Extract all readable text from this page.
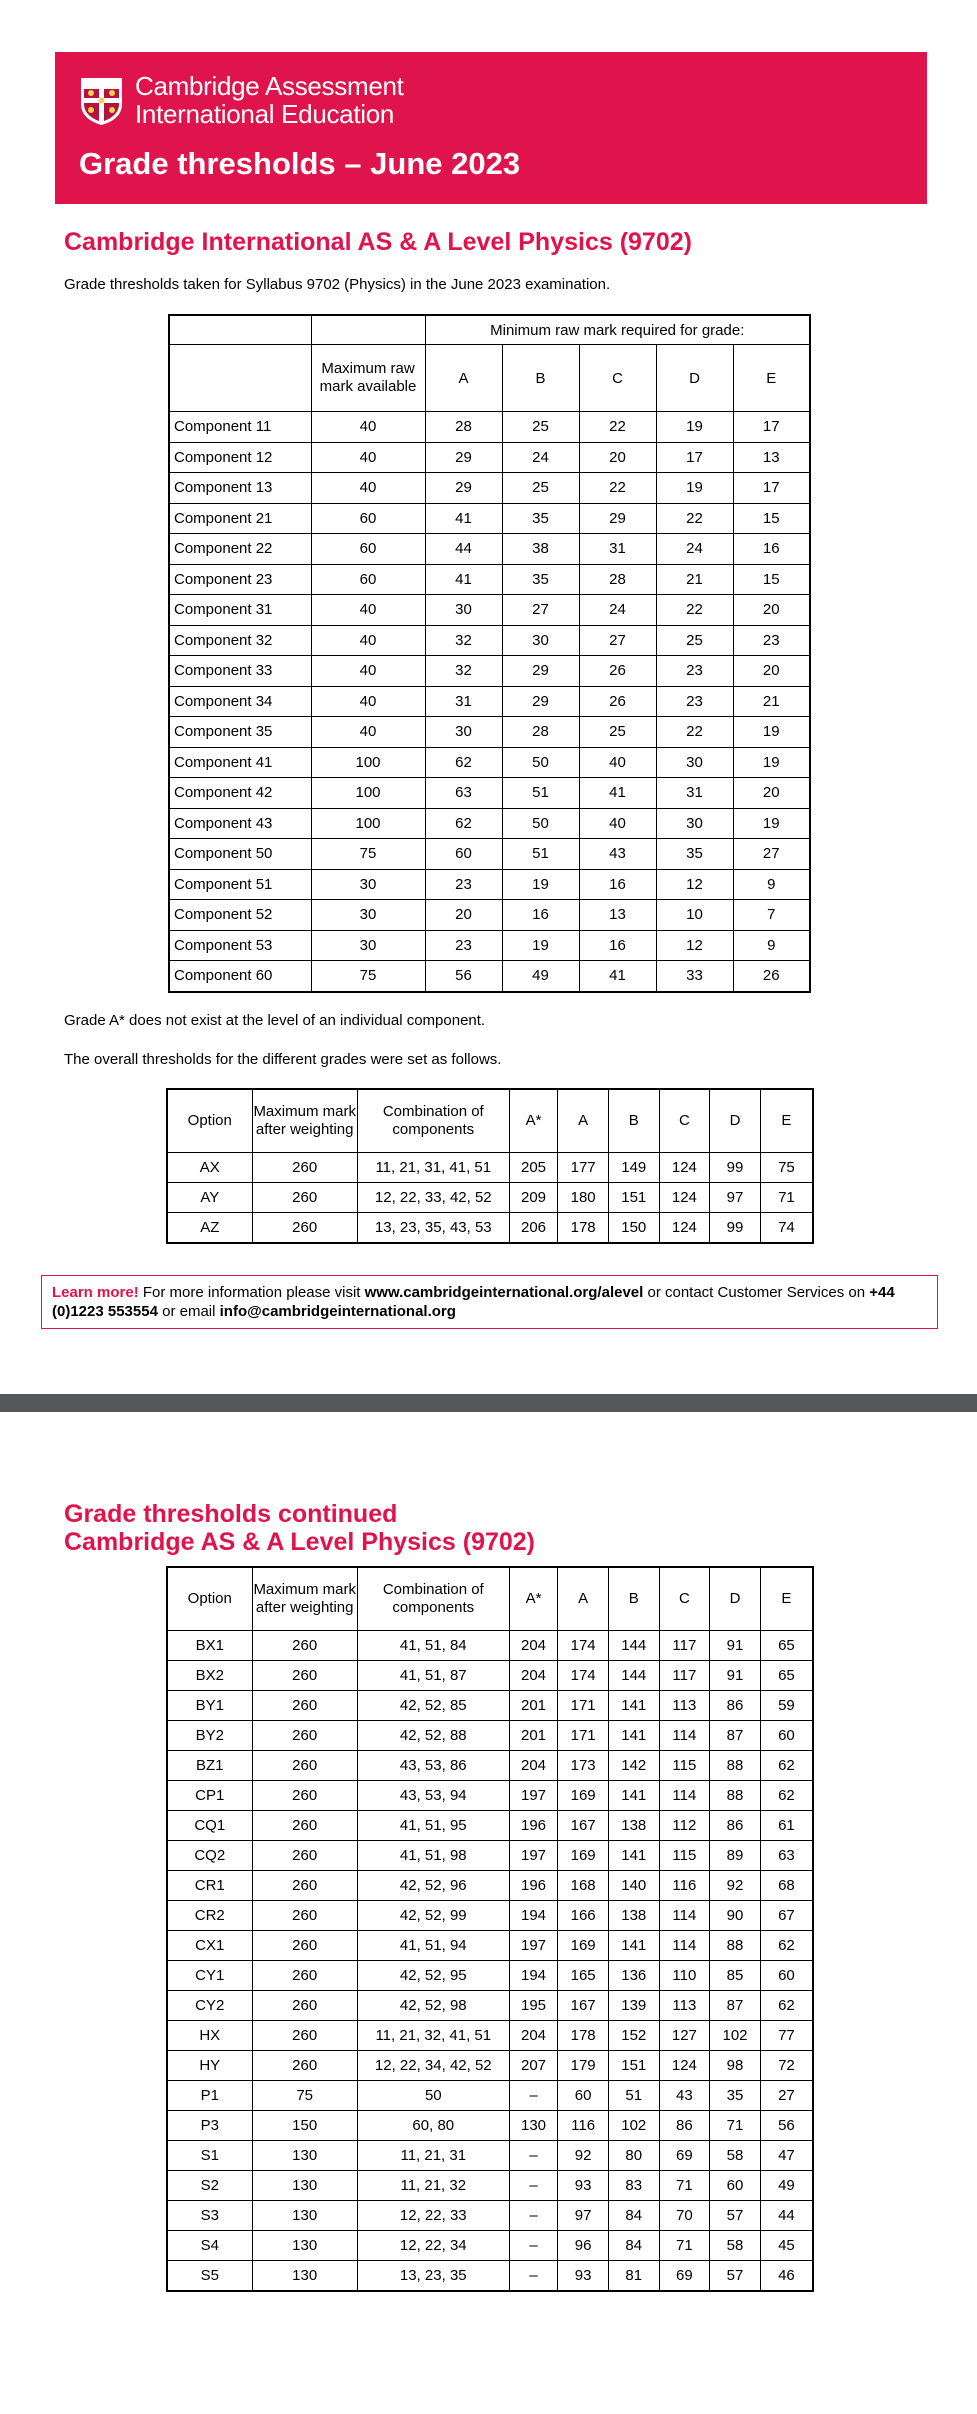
Cambridge Assessment
International Education
Grade thresholds – June 2023
Cambridge International AS & A Level Physics (9702)

Grade thresholds taken for Syllabus 9702 (Physics) in the June 2023 examination.

		Minimum raw mark required for grade:				
	Maximum raw mark available	A	B	C	D	E
Component 11	40	28	25	22	19	17
Component 12	40	29	24	20	17	13
Component 13	40	29	25	22	19	17
Component 21	60	41	35	29	22	15
Component 22	60	44	38	31	24	16
Component 23	60	41	35	28	21	15
Component 31	40	30	27	24	22	20
Component 32	40	32	30	27	25	23
Component 33	40	32	29	26	23	20
Component 34	40	31	29	26	23	21
Component 35	40	30	28	25	22	19
Component 41	100	62	50	40	30	19
Component 42	100	63	51	41	31	20
Component 43	100	62	50	40	30	19
Component 50	75	60	51	43	35	27
Component 51	30	23	19	16	12	9
Component 52	30	20	16	13	10	7
Component 53	30	23	19	16	12	9
Component 60	75	56	49	41	33	26

Grade A* does not exist at the level of an individual component.

The overall thresholds for the different grades were set as follows.

Option	Maximum mark after weighting	Combination of components	A*	A	B	C	D	E
AX	260	11, 21, 31, 41, 51	205	177	149	124	99	75
AY	260	12, 22, 33, 42, 52	209	180	151	124	97	71
AZ	260	13, 23, 35, 43, 53	206	178	150	124	99	74
Learn more! For more information please visit www.cambridgeinternational.org/alevel or contact Customer Services on +44 (0)1223 553554 or email info@cambridgeinternational.org
Grade thresholds continued
Cambridge AS & A Level Physics (9702)
Option	Maximum mark after weighting	Combination of components	A*	A	B	C	D	E
BX1	260	41, 51, 84	204	174	144	117	91	65
BX2	260	41, 51, 87	204	174	144	117	91	65
BY1	260	42, 52, 85	201	171	141	113	86	59
BY2	260	42, 52, 88	201	171	141	114	87	60
BZ1	260	43, 53, 86	204	173	142	115	88	62
CP1	260	43, 53, 94	197	169	141	114	88	62
CQ1	260	41, 51, 95	196	167	138	112	86	61
CQ2	260	41, 51, 98	197	169	141	115	89	63
CR1	260	42, 52, 96	196	168	140	116	92	68
CR2	260	42, 52, 99	194	166	138	114	90	67
CX1	260	41, 51, 94	197	169	141	114	88	62
CY1	260	42, 52, 95	194	165	136	110	85	60
CY2	260	42, 52, 98	195	167	139	113	87	62
HX	260	11, 21, 32, 41, 51	204	178	152	127	102	77
HY	260	12, 22, 34, 42, 52	207	179	151	124	98	72
P1	75	50	–	60	51	43	35	27
P3	150	60, 80	130	116	102	86	71	56
S1	130	11, 21, 31	–	92	80	69	58	47
S2	130	11, 21, 32	–	93	83	71	60	49
S3	130	12, 22, 33	–	97	84	70	57	44
S4	130	12, 22, 34	–	96	84	71	58	45
S5	130	13, 23, 35	–	93	81	69	57	46
